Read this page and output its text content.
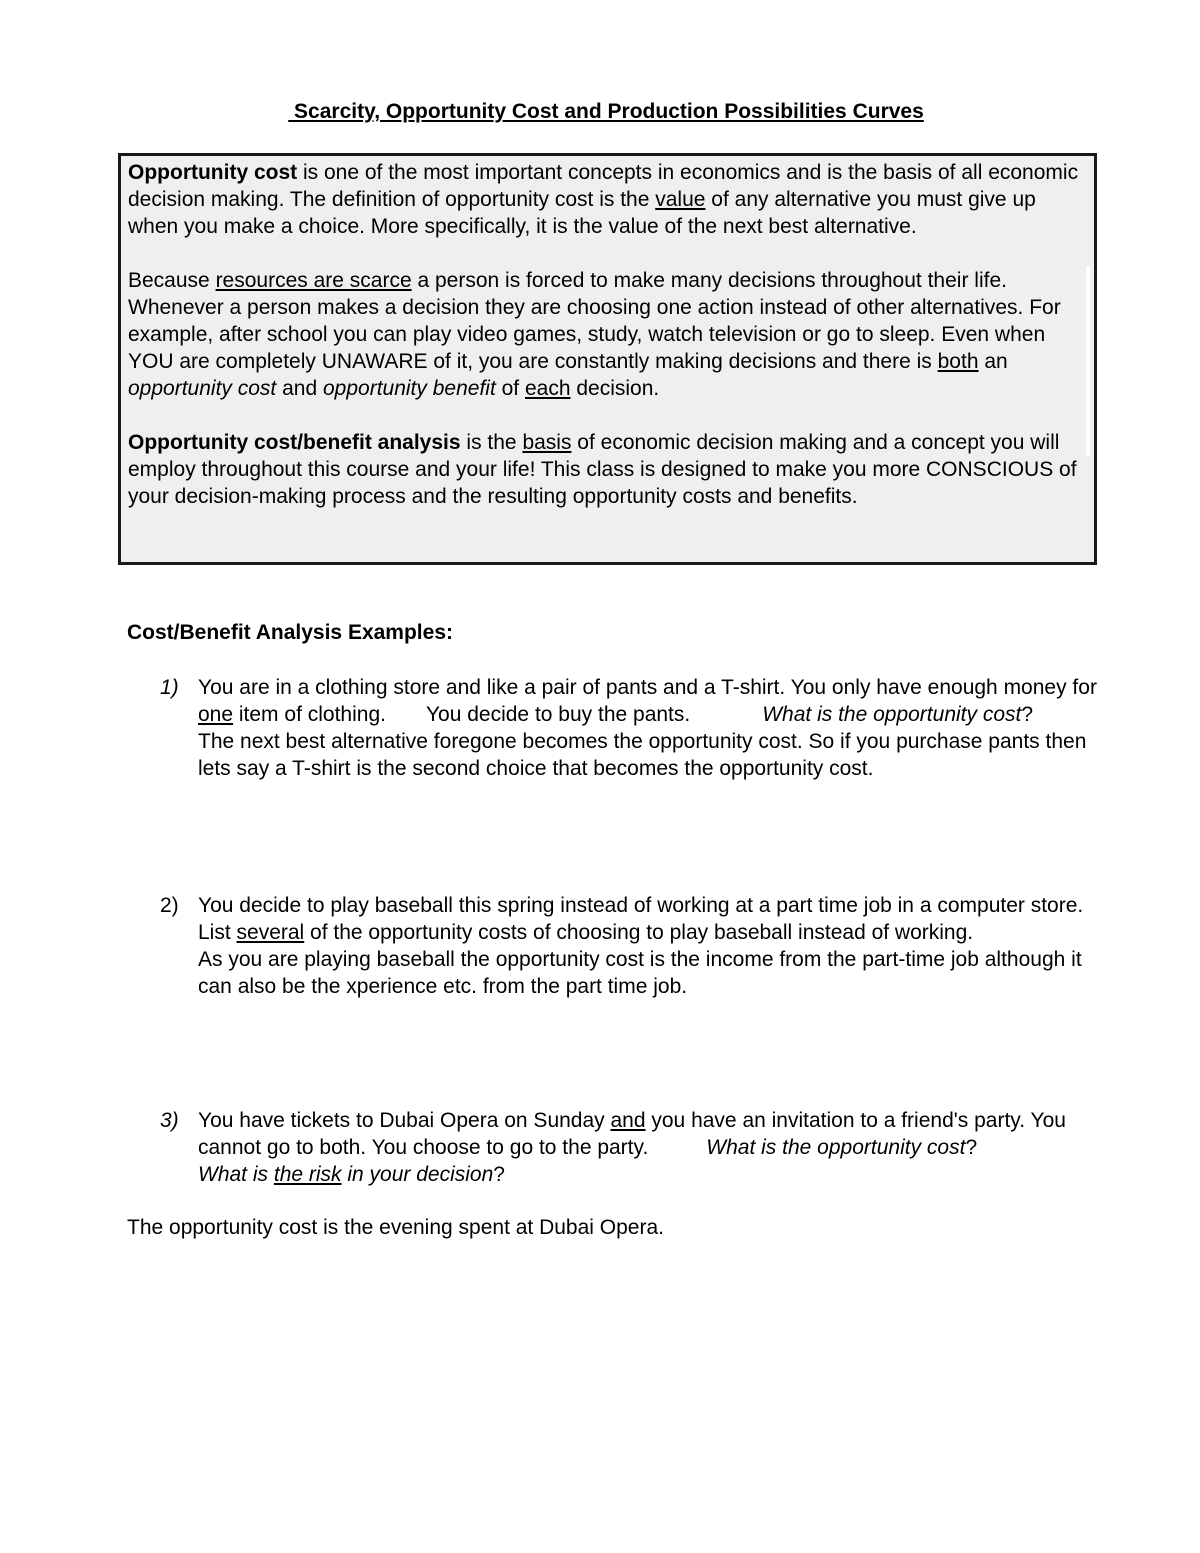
Scarcity, Opportunity Cost and Production Possibilities Curves

Opportunity cost is one of the most important concepts in economics and is the basis of all economic decision making. The definition of opportunity cost is the value of any alternative you must give up when you make a choice. More specifically, it is the value of the next best alternative.

Because resources are scarce a person is forced to make many decisions throughout their life. Whenever a person makes a decision they are choosing one action instead of other alternatives. For example, after school you can play video games, study, watch television or go to sleep. Even when YOU are completely UNAWARE of it, you are constantly making decisions and there is both an opportunity cost and opportunity benefit of each decision.

Opportunity cost/benefit analysis is the basis of economic decision making and a concept you will employ throughout this course and your life! This class is designed to make you more CONSCIOUS of your decision-making process and the resulting opportunity costs and benefits.

Cost/Benefit Analysis Examples:
1) You are in a clothing store and like a pair of pants and a T-shirt. You only have enough money for one item of clothing. You decide to buy the pants.	What is the opportunity cost?
The next best alternative foregone becomes the opportunity cost. So if you purchase pants then lets say a T-shirt is the second choice that becomes the opportunity cost.
2) You decide to play baseball this spring instead of working at a part time job in a computer store. List several of the opportunity costs of choosing to play baseball instead of working.
As you are playing baseball the opportunity cost is the income from the part-time job although it can also be the xperience etc. from the part time job.
3) You have tickets to Dubai Opera on Sunday and you have an invitation to a friend's party. You cannot go to both. You choose to go to the party.	What is the opportunity cost?What is the risk in your decision?
The opportunity cost is the evening spent at Dubai Opera.
